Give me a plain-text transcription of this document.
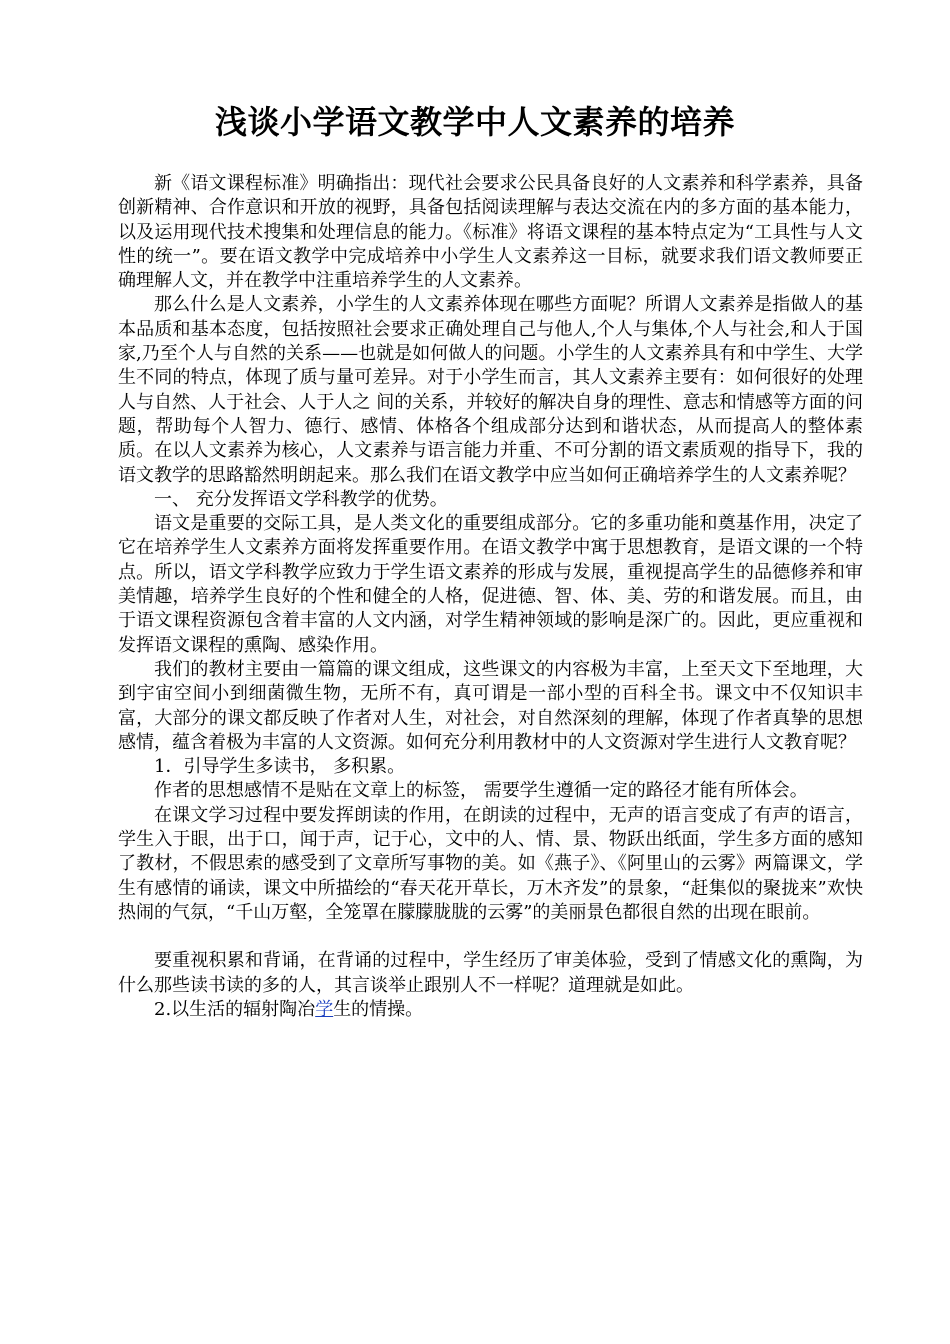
浅谈小学语文教学中人文素养的培养

新《语文课程标准》明确指出：现代社会要求公民具备良好的人文素养和科学素养，具备创新精神、合作意识和开放的视野，具备包括阅读理解与表达交流在内的多方面的基本能力，以及运用现代技术搜集和处理信息的能力。《标准》将语文课程的基本特点定为“工具性与人文性的统一”。要在语文教学中完成培养中小学生人文素养这一目标，就要求我们语文教师要正确理解人文，并在教学中注重培养学生的人文素养。

那么什么是人文素养，小学生的人文素养体现在哪些方面呢？所谓人文素养是指做人的基本品质和基本态度，包括按照社会要求正确处理自己与他人,个人与集体,个人与社会,和人于国家,乃至个人与自然的关系——也就是如何做人的问题。小学生的人文素养具有和中学生、大学生不同的特点，体现了质与量可差异。对于小学生而言，其人文素养主要有：如何很好的处理人与自然、人于社会、人于人之 间的关系，并较好的解决自身的理性、意志和情感等方面的问题，帮助每个人智力、德行、感情、体格各个组成部分达到和谐状态，从而提高人的整体素质。在以人文素养为核心，人文素养与语言能力并重、不可分割的语文素质观的指导下，我的语文教学的思路豁然明朗起来。那么我们在语文教学中应当如何正确培养学生的人文素养呢？

一、 充分发挥语文学科教学的优势。

语文是重要的交际工具，是人类文化的重要组成部分。它的多重功能和奠基作用，决定了它在培养学生人文素养方面将发挥重要作用。在语文教学中寓于思想教育，是语文课的一个特点。所以，语文学科教学应致力于学生语文素养的形成与发展，重视提高学生的品德修养和审美情趣，培养学生良好的个性和健全的人格，促进德、智、体、美、劳的和谐发展。而且，由于语文课程资源包含着丰富的人文内涵，对学生精神领域的影响是深广的。因此，更应重视和发挥语文课程的熏陶、感染作用。

我们的教材主要由一篇篇的课文组成，这些课文的内容极为丰富，上至天文下至地理，大到宇宙空间小到细菌微生物，无所不有，真可谓是一部小型的百科全书。课文中不仅知识丰富，大部分的课文都反映了作者对人生，对社会，对自然深刻的理解，体现了作者真挚的思想感情，蕴含着极为丰富的人文资源。如何充分利用教材中的人文资源对学生进行人文教育呢？

1．引导学生多读书， 多积累。

作者的思想感情不是贴在文章上的标签， 需要学生遵循一定的路径才能有所体会。

在课文学习过程中要发挥朗读的作用，在朗读的过程中，无声的语言变成了有声的语言，学生入于眼，出于口，闻于声，记于心，文中的人、情、景、物跃出纸面，学生多方面的感知了教材，不假思索的感受到了文章所写事物的美。如《燕子》、《阿里山的云雾》两篇课文，学生有感情的诵读，课文中所描绘的“春天花开草长，万木齐发”的景象，“赶集似的聚拢来”欢快热闹的气氛，“千山万壑，全笼罩在朦朦胧胧的云雾”的美丽景色都很自然的出现在眼前。

要重视积累和背诵，在背诵的过程中，学生经历了审美体验，受到了情感文化的熏陶，为什么那些读书读的多的人，其言谈举止跟别人不一样呢？道理就是如此。

2.以生活的辐射陶冶学生的情操。
